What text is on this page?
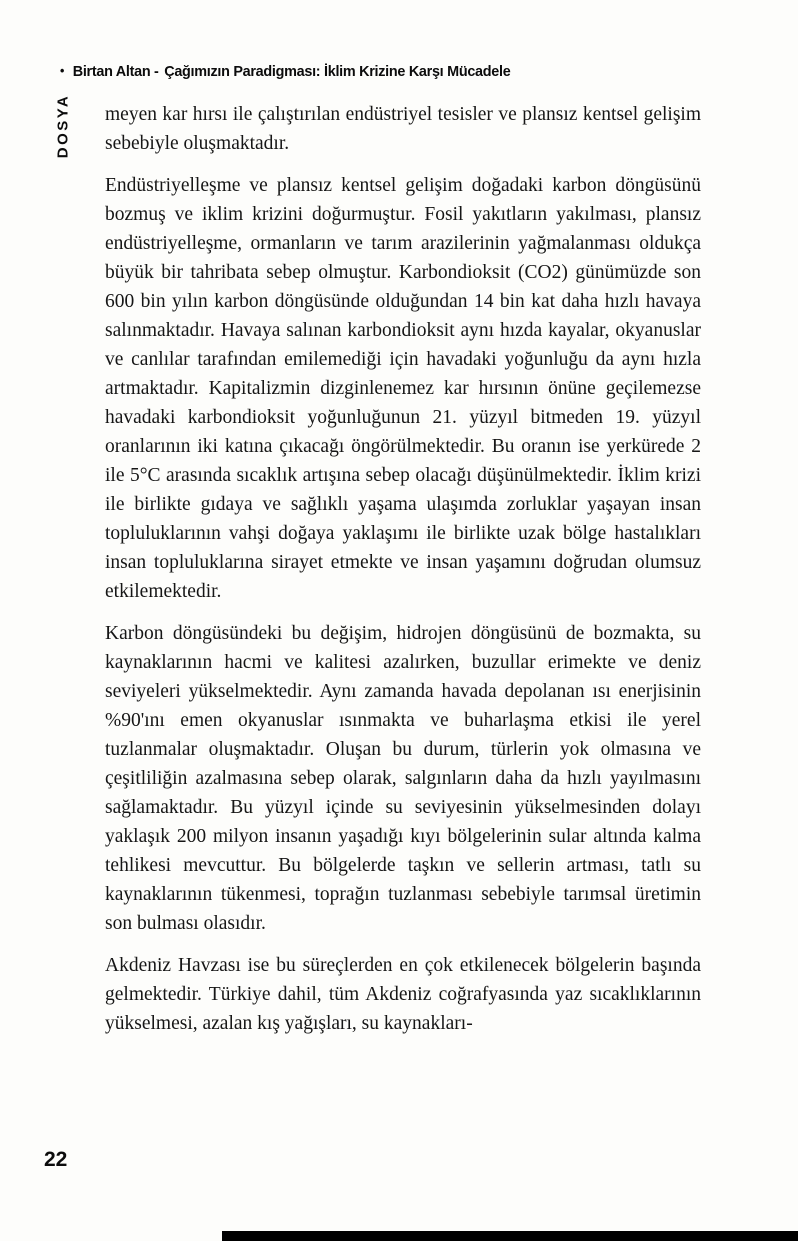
• Birtan Altan - Çağımızın Paradigması: İklim Krizine Karşı Mücadele
DOSYA meyen kar hırsı ile çalıştırılan endüstriyel tesisler ve plansız kentsel gelişim sebebiyle oluşmaktadır.

Endüstriyelleşme ve plansız kentsel gelişim doğadaki karbon döngüsünü bozmuş ve iklim krizini doğurmuştur. Fosil yakıtların yakılması, plansız endüstriyelleşme, ormanların ve tarım arazilerinin yağmalanması oldukça büyük bir tahribata sebep olmuştur. Karbondioksit (CO2) günümüzde son 600 bin yılın karbon döngüsünde olduğundan 14 bin kat daha hızlı havaya salınmaktadır. Havaya salınan karbondioksit aynı hızda kayalar, okyanuslar ve canlılar tarafından emilemediği için havadaki yoğunluğu da aynı hızla artmaktadır. Kapitalizmin dizginlenemez kar hırsının önüne geçilemezse havadaki karbondioksit yoğunluğunun 21. yüzyıl bitmeden 19. yüzyıl oranlarının iki katına çıkacağı öngörülmektedir. Bu oranın ise yerkürede 2 ile 5°C arasında sıcaklık artışına sebep olacağı düşünülmektedir. İklim krizi ile birlikte gıdaya ve sağlıklı yaşama ulaşımda zorluklar yaşayan insan topluluklarının vahşi doğaya yaklaşımı ile birlikte uzak bölge hastalıkları insan topluluklarına sirayet etmekte ve insan yaşamını doğrudan olumsuz etkilemektedir.

Karbon döngüsündeki bu değişim, hidrojen döngüsünü de bozmakta, su kaynaklarının hacmi ve kalitesi azalırken, buzullar erimekte ve deniz seviyeleri yükselmektedir. Aynı zamanda havada depolanan ısı enerjisinin %90'ını emen okyanuslar ısınmakta ve buharlaşma etkisi ile yerel tuzlanmalar oluşmaktadır. Oluşan bu durum, türlerin yok olmasına ve çeşitliliğin azalmasına sebep olarak, salgınların daha da hızlı yayılmasını sağlamaktadır. Bu yüzyıl içinde su seviyesinin yükselmesinden dolayı yaklaşık 200 milyon insanın yaşadığı kıyı bölgelerinin sular altında kalma tehlikesi mevcuttur. Bu bölgelerde taşkın ve sellerin artması, tatlı su kaynaklarının tükenmesi, toprağın tuzlanması sebebiyle tarımsal üretimin son bulması olasıdır.

Akdeniz Havzası ise bu süreçlerden en çok etkilenecek bölgelerin başında gelmektedir. Türkiye dahil, tüm Akdeniz coğrafyasında yaz sıcaklıklarının yükselmesi, azalan kış yağışları, su kaynakları-

22
